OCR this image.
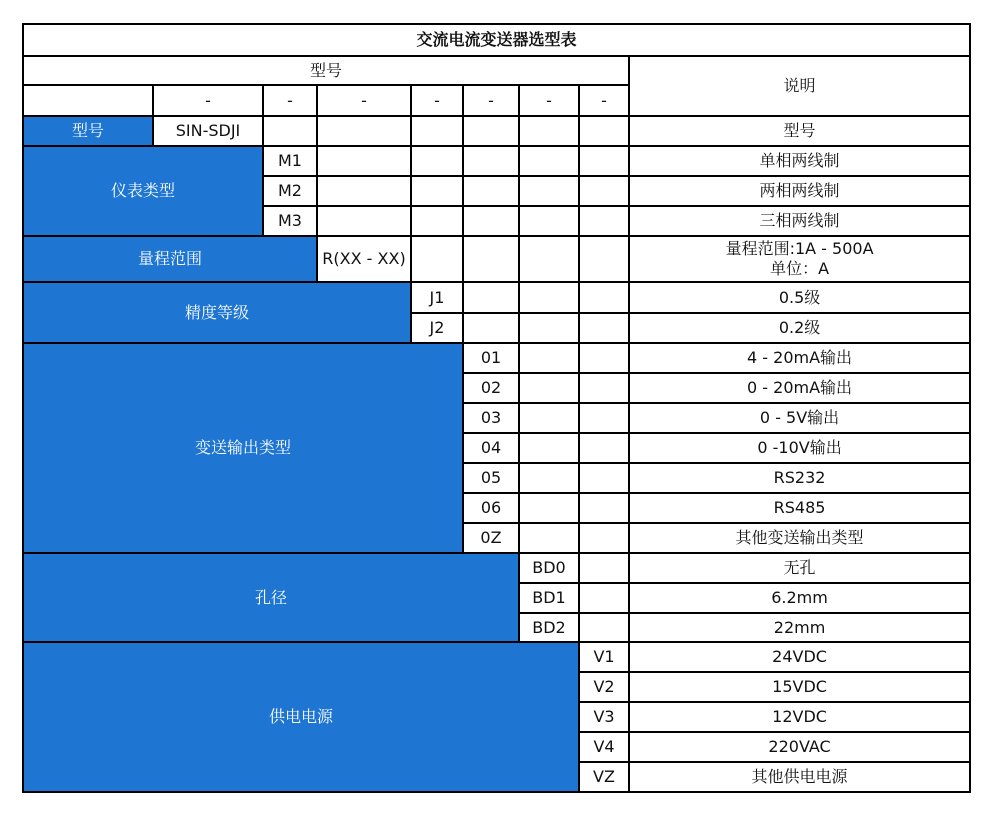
交流电流变送器选型表								
型号								说明
	-	-	-	-	-	-	-	
型号	SIN-SDJI							型号
仪表类型		M1						单相两线制
		M2						两相两线制
		M3						三相两线制
量程范围			R(XX - XX)					量程范围:1A - 500A
单位：A

精度等级				J1				0.5级
				J2				0.2级
变送输出类型					01			4 - 20mA输出
					02			0 - 20mA输出
					03			0 - 5V输出
					04			0 -10V输出
					05			RS232
					06			RS485
					0Z			其他变送输出类型
孔径						BD0		无孔
						BD1		6.2mm
						BD2		22mm
供电电源							V1	24VDC
							V2	15VDC
							V3	12VDC
							V4	220VAC
							VZ	其他供电电源
